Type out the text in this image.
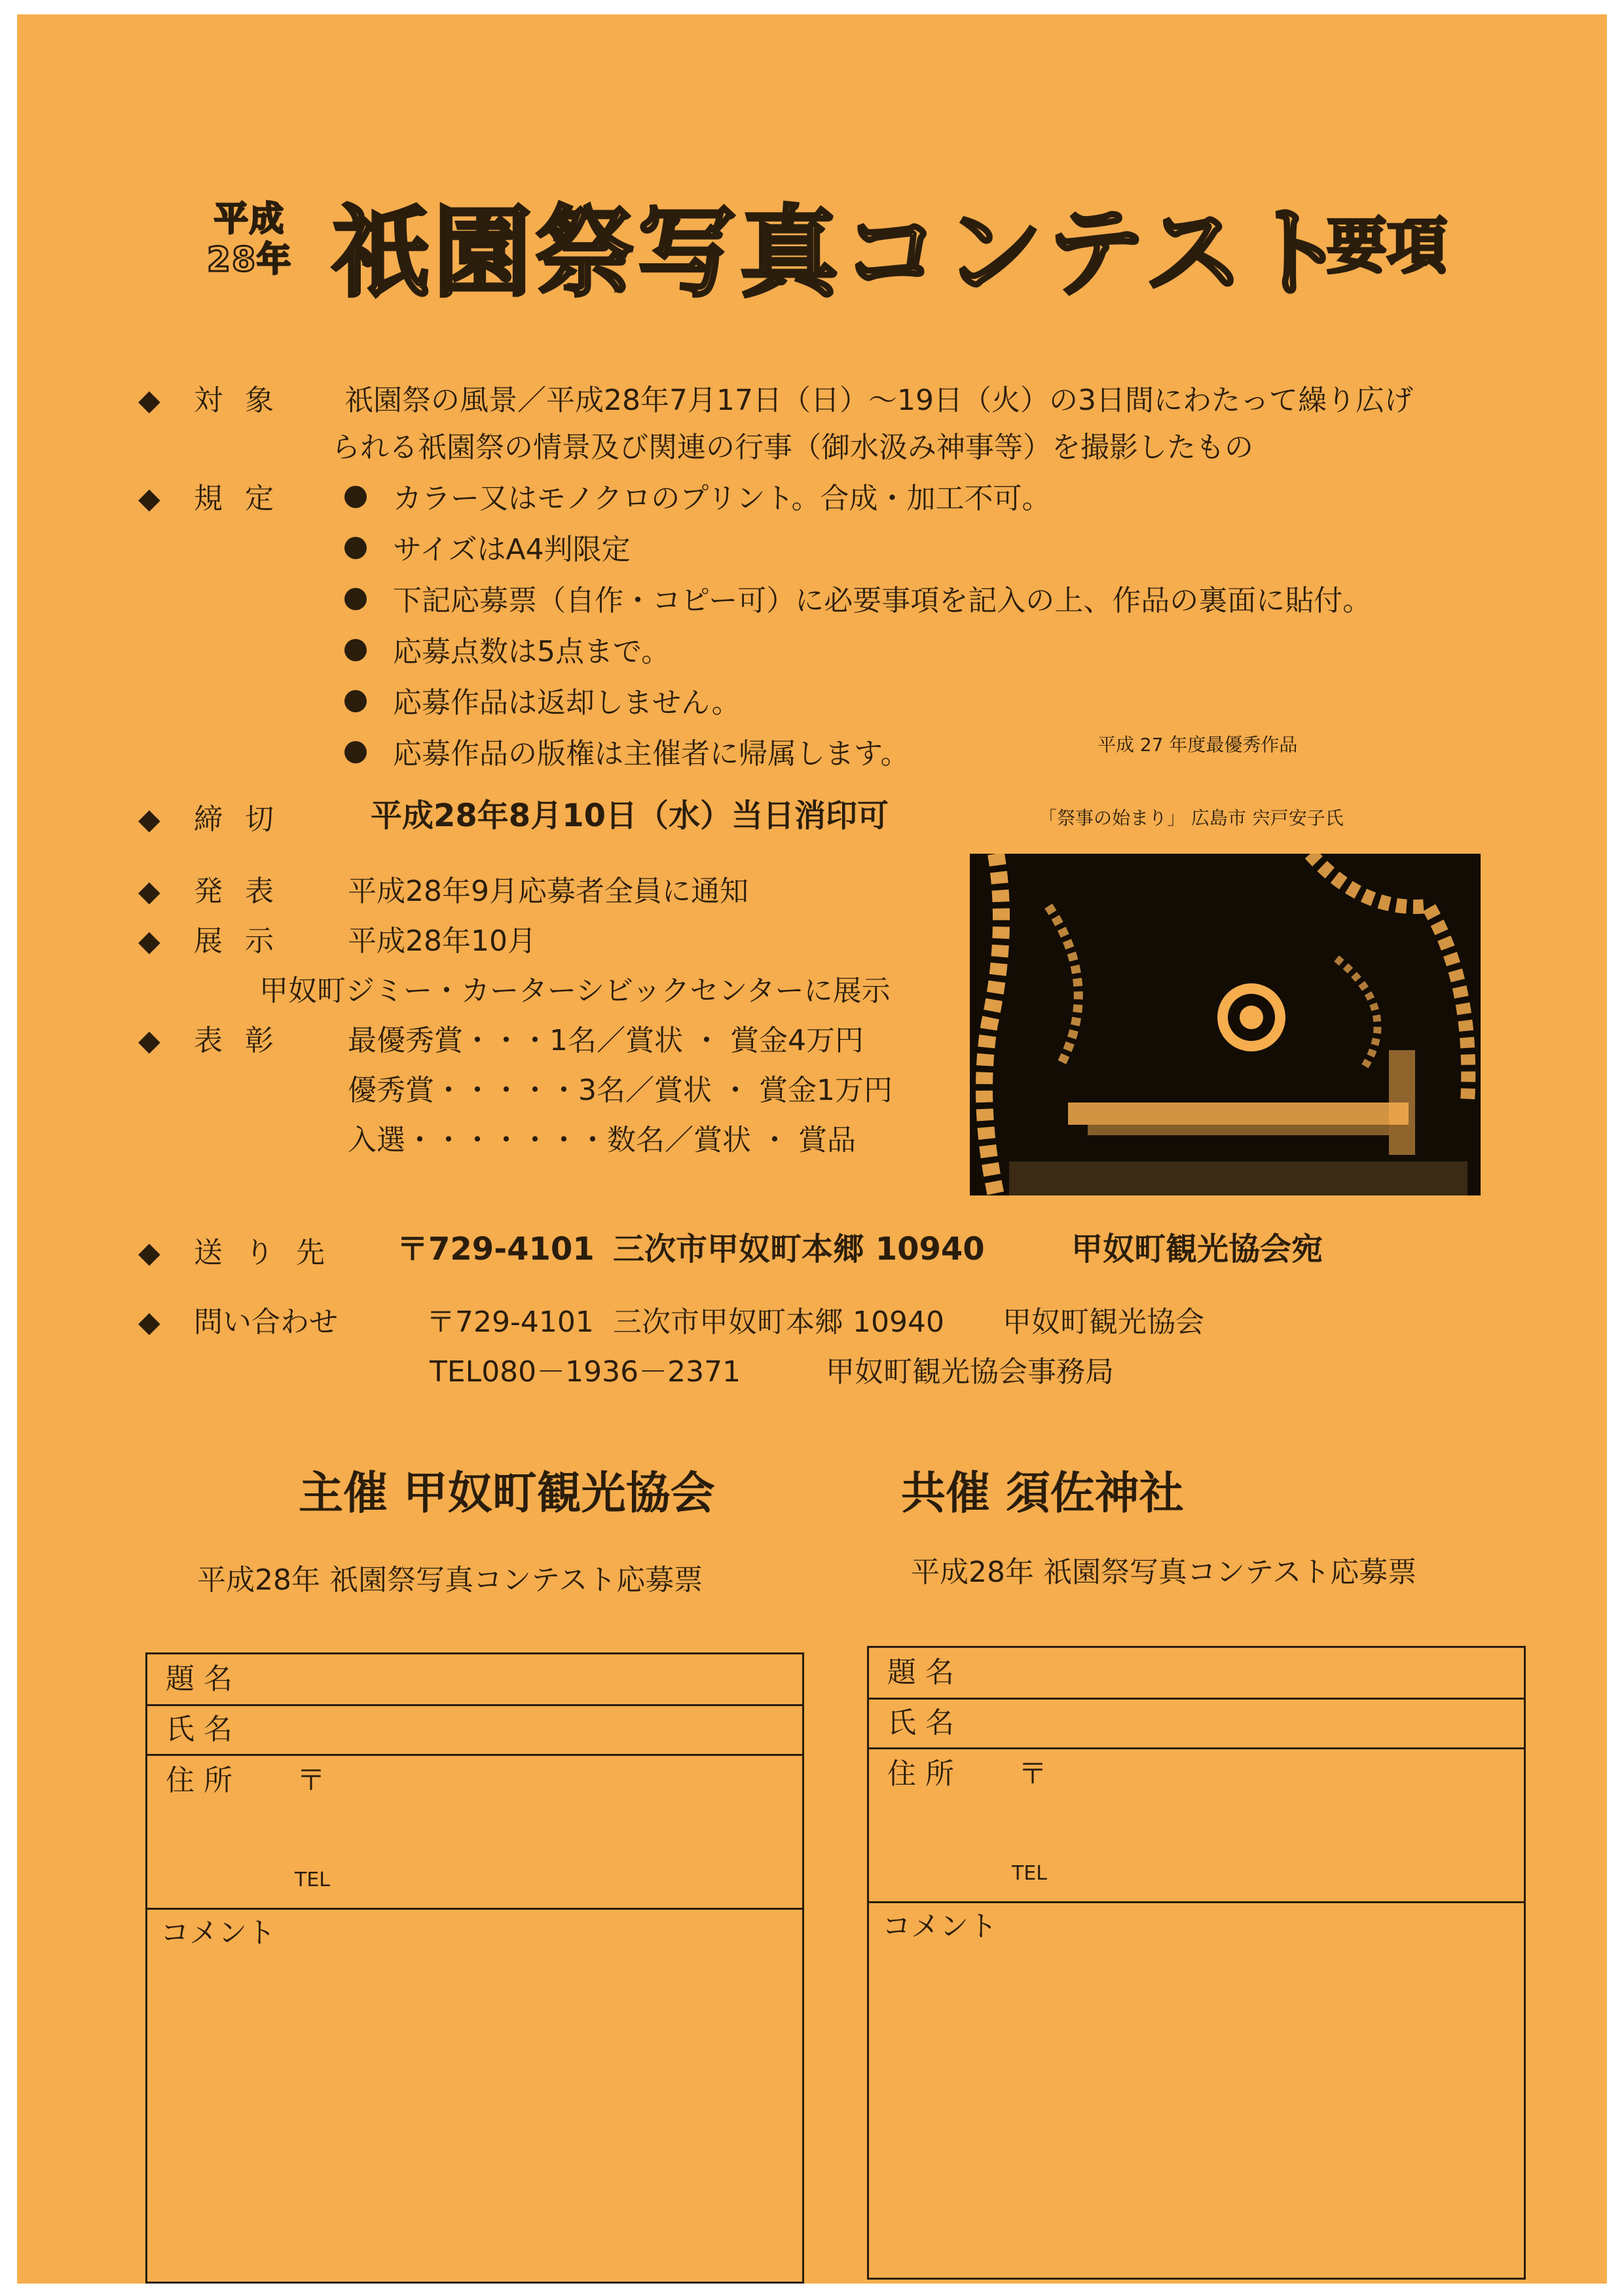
平成
28年 祇園祭写真コンテスト
要項
◆ 対 象 祇園祭の風景／平成28年7月17日（日）～19日（火）の3日間にわたって繰り広げ
られる祇園祭の情景及び関連の行事（御水汲み神事等）を撮影したもの
◆ 規 定	カラー又はモノクロのプリント。合成・加工不可。
サイズはA4判限定
下記応募票（自作・コピー可）に必要事項を記入の上、作品の裏面に貼付。
応募点数は5点まで。
応募作品は返却しません。
応募作品の版権は主催者に帰属します。	平成 27 年度最優秀作品
「祭事の始まり」 広島市 宍戸安子氏
◆ 締 切	平成28年8月10日（水）当日消印可
◆ 発 表 平成28年9月応募者全員に通知
◆ 展 示 平成28年10月
甲奴町ジミー・カーターシビックセンターに展示
◆ 表 彰 最優秀賞・・・1名／賞状 ・ 賞金4万円
優秀賞・・・・・3名／賞状 ・ 賞金1万円
入選・・・・・・・数名／賞状 ・ 賞品
◆ 送 り 先 〒729-4101 三次市甲奴町本郷 10940	甲奴町観光協会宛
◆ 問い合わせ	〒729-4101 三次市甲奴町本郷 10940 甲奴町観光協会
TEL080－1936－2371	甲奴町観光協会事務局
主催 甲奴町観光協会	共催 須佐神社
平成28年 祇園祭写真コンテスト応募票	平成28年 祇園祭写真コンテスト応募票
題 名
氏 名
住 所 〒
TEL
コメント
題 名
氏 名
住 所 〒
TEL
コメント
